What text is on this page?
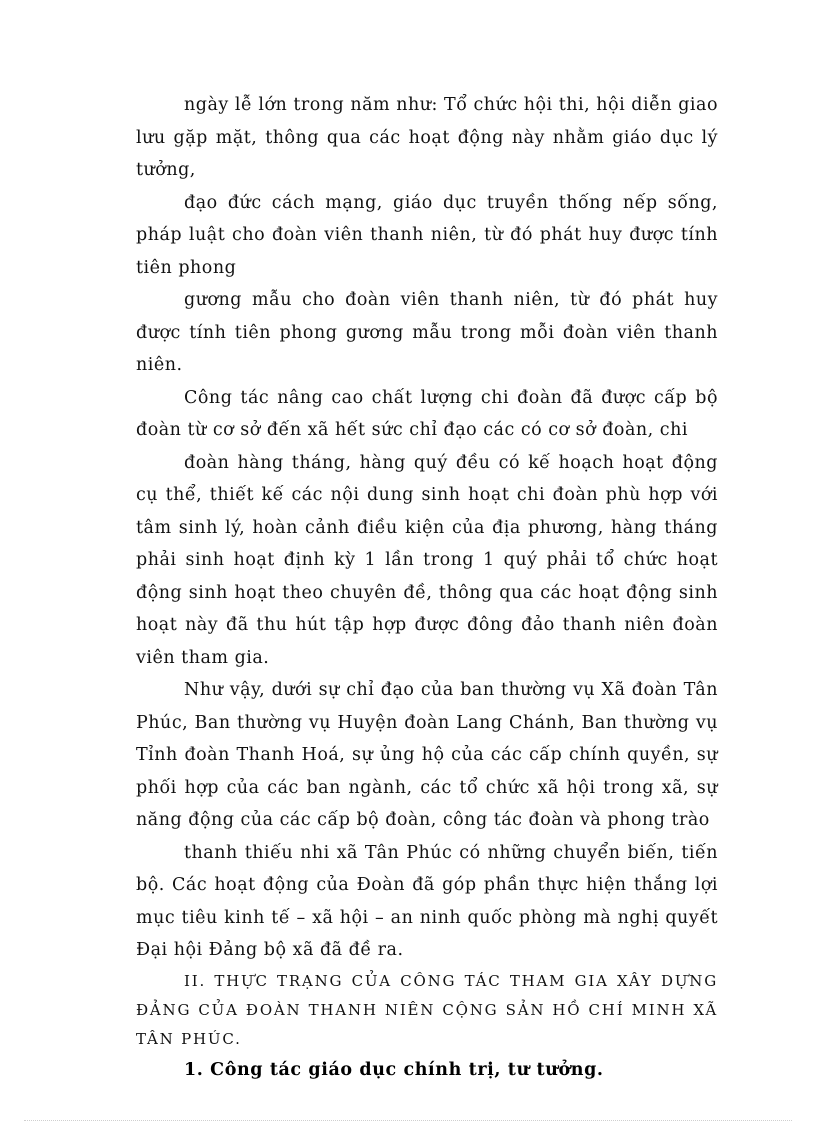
ngày lễ lớn trong năm như: Tổ chức hội thi, hội diễn giao lưu gặp mặt, thông qua các hoạt động này nhằm giáo dục lý tưởng,

đạo đức cách mạng, giáo dục truyền thống nếp sống, pháp luật cho đoàn viên thanh niên, từ đó phát huy được tính tiên phong

gương mẫu cho đoàn viên thanh niên, từ đó phát huy được tính tiên phong gương mẫu trong mỗi đoàn viên thanh niên.

Công tác nâng cao chất lượng chi đoàn đã được cấp bộ đoàn từ cơ sở đến xã hết sức chỉ đạo các có cơ sở đoàn, chi

đoàn hàng tháng, hàng quý đều có kế hoạch hoạt động cụ thể, thiết kế các nội dung sinh hoạt chi đoàn phù hợp với tâm sinh lý, hoàn cảnh điều kiện của địa phương, hàng tháng phải sinh hoạt định kỳ 1 lần trong 1 quý phải tổ chức hoạt động sinh hoạt theo chuyên đề, thông qua các hoạt động sinh hoạt này đã thu hút tập hợp được đông đảo thanh niên đoàn viên tham gia.

Như vậy, dưới sự chỉ đạo của ban thường vụ Xã đoàn Tân Phúc, Ban thường vụ Huyện đoàn Lang Chánh, Ban thường vụ Tỉnh đoàn Thanh Hoá, sự ủng hộ của các cấp chính quyền, sự phối hợp của các ban ngành, các tổ chức xã hội trong xã, sự năng động của các cấp bộ đoàn, công tác đoàn và phong trào

thanh thiếu nhi xã Tân Phúc có những chuyển biến, tiến bộ. Các hoạt động của Đoàn đã góp phần thực hiện thắng lợi mục tiêu kinh tế – xã hội – an ninh quốc phòng mà nghị quyết Đại hội Đảng bộ xã đã đề ra.

II. THỰC TRẠNG CỦA CÔNG TÁC THAM GIA XÂY DỰNG ĐẢNG CỦA ĐOÀN THANH NIÊN CỘNG SẢN HỒ CHÍ MINH XÃ TÂN PHÚC.

1. Công tác giáo dục chính trị, tư tưởng.
